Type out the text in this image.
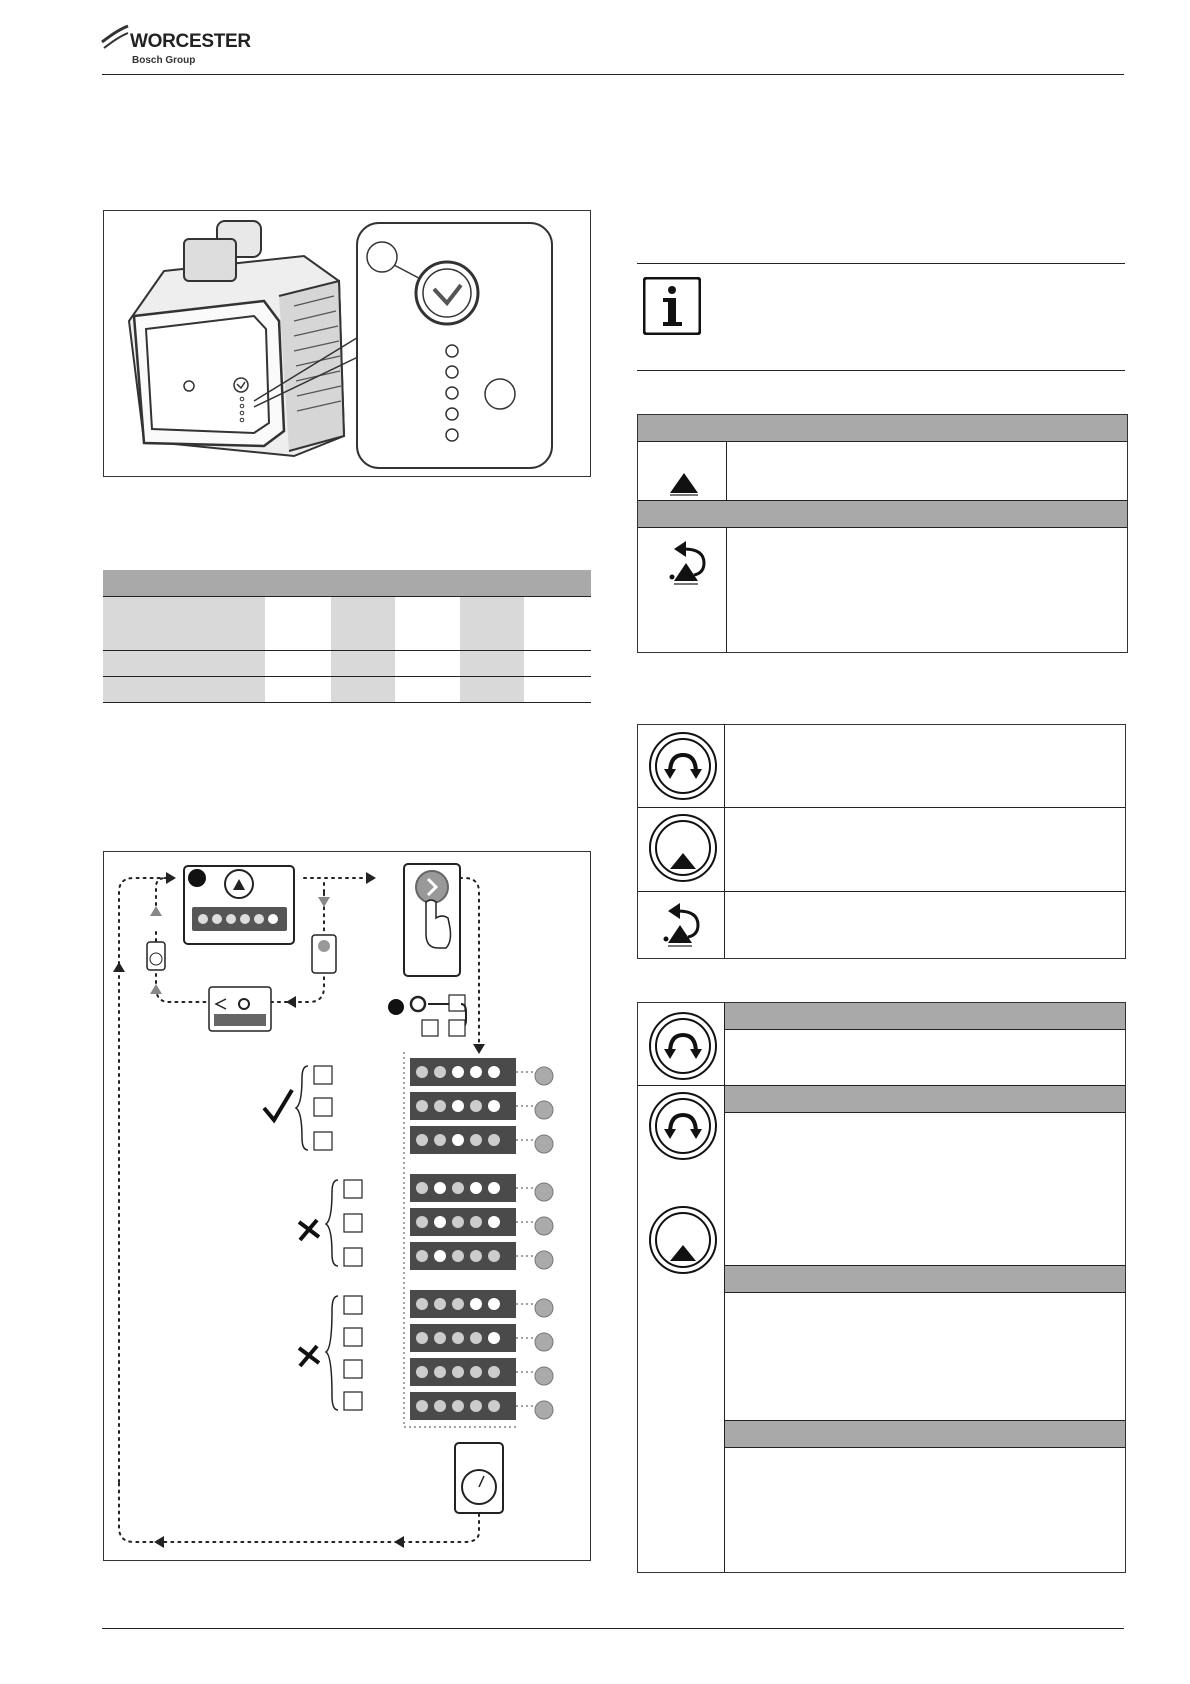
WORCESTER
Bosch Group
